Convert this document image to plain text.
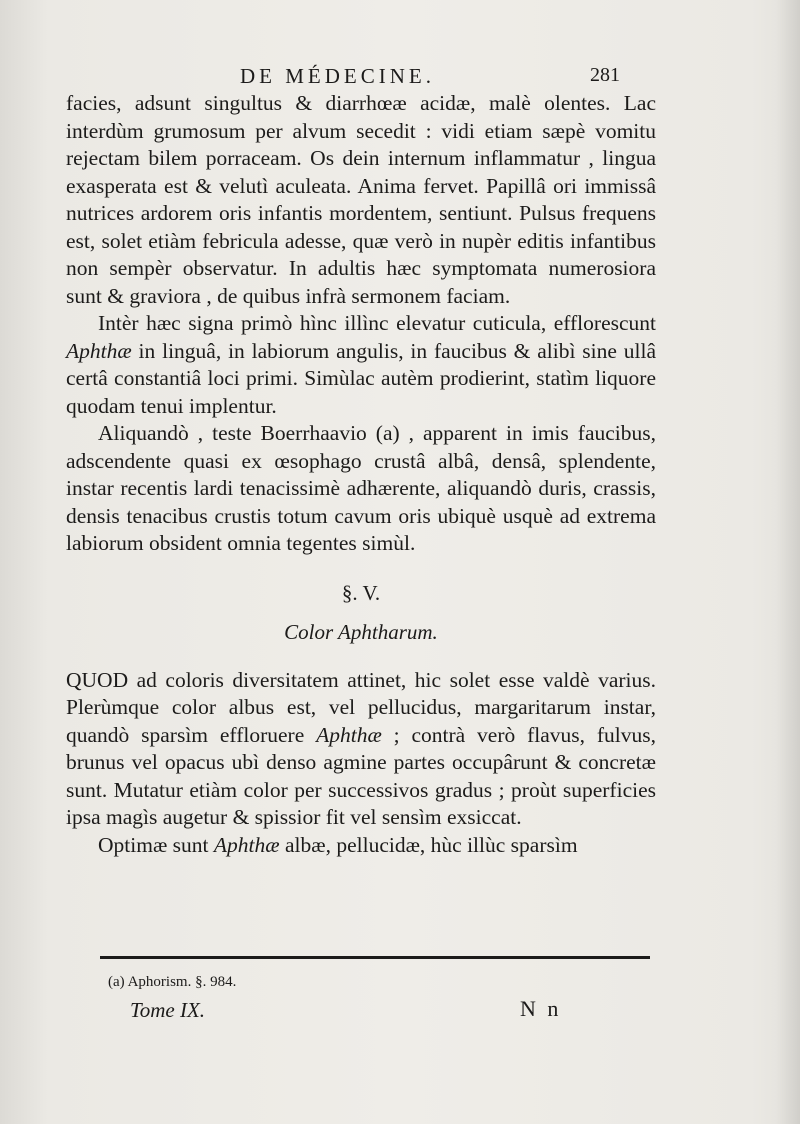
DE MÉDECINE.	281

facies, adsunt singultus & diarrhœæ acidæ, malè olentes. Lac interdùm grumosum per alvum secedit : vidi etiam sæpè vomitu rejectam bilem porraceam. Os dein internum inflammatur , lingua exasperata est & velutì aculeata. Anima fervet. Papillâ ori immissâ nutrices ardorem oris infantis mordentem, sentiunt. Pulsus frequens est, solet etiàm febricula adesse, quæ verò in nupèr editis infantibus non sempèr observatur. In adultis hæc symptomata numerosiora sunt & graviora , de quibus infrà sermonem faciam.

Intèr hæc signa primò hìnc illìnc elevatur cuticula, efflorescunt Aphthæ in linguâ, in labiorum angulis, in faucibus & alibì sine ullâ certâ constantiâ loci primi. Simùlac autèm prodierint, statìm liquore quodam tenui implentur.

Aliquandò , teste Boerrhaavio (a) , apparent in imis faucibus, adscendente quasi ex œsophago crustâ albâ, densâ, splendente, instar recentis lardi tenacissimè adhærente, aliquandò duris, crassis, densis tenacibus crustis totum cavum oris ubiquè usquè ad extrema labiorum obsident omnia tegentes simùl.

§. V.
Color Aphtharum.

QUOD ad coloris diversitatem attinet, hic solet esse valdè varius. Plerùmque color albus est, vel pellucidus, margaritarum instar, quandò sparsìm effloruere Aphthæ ; contrà verò flavus, fulvus, brunus vel opacus ubì denso agmine partes occupârunt & concretæ sunt. Mutatur etiàm color per successivos gradus ; proùt superficies ipsa magìs augetur & spissior fit vel sensìm exsiccat.

Optimæ sunt Aphthæ albæ, pellucidæ, hùc illùc sparsìm

(a) Aphorism. §. 984.
Tome IX.	N n
